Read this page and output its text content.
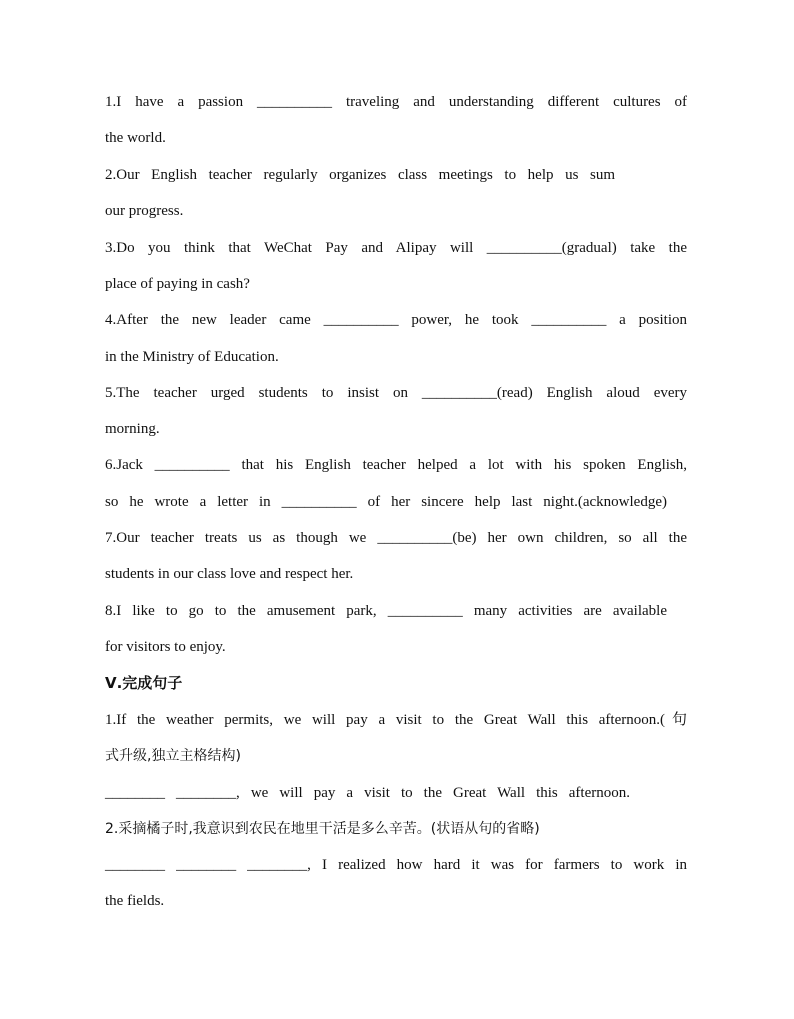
1.I have a passion __________ traveling and understanding different cultures of
the world.
2.Our English teacher regularly organizes class meetings to help us sum
our progress.
3.Do you think that WeChat Pay and Alipay will __________(gradual) take the
place of paying in cash?
4.After the new leader came __________ power, he took __________ a position
in the Ministry of Education.
5.The teacher urged students to insist on __________(read) English aloud every
morning.
6.Jack __________ that his English teacher helped a lot with his spoken English,
so he wrote a letter in __________ of her sincere help last night.(acknowledge)
7.Our teacher treats us as though we __________(be) her own children, so all the
students in our class love and respect her.
8.I like to go to the amusement park, __________ many activities are available
for visitors to enjoy.
Ⅴ.完成句子
1.If the weather permits, we will pay a visit to the Great Wall this afternoon.(句
式升级,独立主格结构)
________ ________, we will pay a visit to the Great Wall this afternoon.
2.采摘橘子时,我意识到农民在地里干活是多么辛苦。(状语从句的省略)
________ ________ ________, I realized how hard it was for farmers to work in
the fields.
